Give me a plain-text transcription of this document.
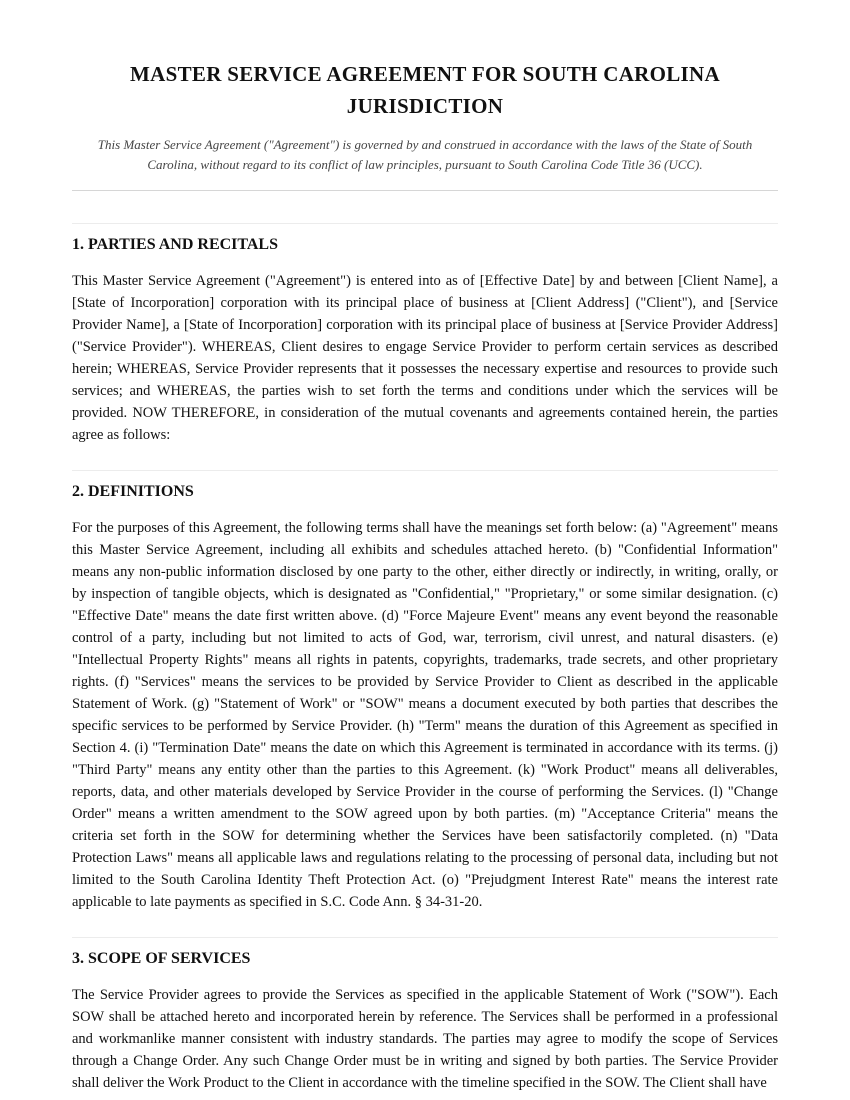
MASTER SERVICE AGREEMENT FOR SOUTH CAROLINA JURISDICTION

This Master Service Agreement ("Agreement") is governed by and construed in accordance with the laws of the State of South Carolina, without regard to its conflict of law principles, pursuant to South Carolina Code Title 36 (UCC).

1. PARTIES AND RECITALS

This Master Service Agreement ("Agreement") is entered into as of [Effective Date] by and between [Client Name], a [State of Incorporation] corporation with its principal place of business at [Client Address] ("Client"), and [Service Provider Name], a [State of Incorporation] corporation with its principal place of business at [Service Provider Address] ("Service Provider"). WHEREAS, Client desires to engage Service Provider to perform certain services as described herein; WHEREAS, Service Provider represents that it possesses the necessary expertise and resources to provide such services; and WHEREAS, the parties wish to set forth the terms and conditions under which the services will be provided. NOW THEREFORE, in consideration of the mutual covenants and agreements contained herein, the parties agree as follows:

2. DEFINITIONS

For the purposes of this Agreement, the following terms shall have the meanings set forth below: (a) "Agreement" means this Master Service Agreement, including all exhibits and schedules attached hereto. (b) "Confidential Information" means any non-public information disclosed by one party to the other, either directly or indirectly, in writing, orally, or by inspection of tangible objects, which is designated as "Confidential," "Proprietary," or some similar designation. (c) "Effective Date" means the date first written above. (d) "Force Majeure Event" means any event beyond the reasonable control of a party, including but not limited to acts of God, war, terrorism, civil unrest, and natural disasters. (e) "Intellectual Property Rights" means all rights in patents, copyrights, trademarks, trade secrets, and other proprietary rights. (f) "Services" means the services to be provided by Service Provider to Client as described in the applicable Statement of Work. (g) "Statement of Work" or "SOW" means a document executed by both parties that describes the specific services to be performed by Service Provider. (h) "Term" means the duration of this Agreement as specified in Section 4. (i) "Termination Date" means the date on which this Agreement is terminated in accordance with its terms. (j) "Third Party" means any entity other than the parties to this Agreement. (k) "Work Product" means all deliverables, reports, data, and other materials developed by Service Provider in the course of performing the Services. (l) "Change Order" means a written amendment to the SOW agreed upon by both parties. (m) "Acceptance Criteria" means the criteria set forth in the SOW for determining whether the Services have been satisfactorily completed. (n) "Data Protection Laws" means all applicable laws and regulations relating to the processing of personal data, including but not limited to the South Carolina Identity Theft Protection Act. (o) "Prejudgment Interest Rate" means the interest rate applicable to late payments as specified in S.C. Code Ann. § 34-31-20.

3. SCOPE OF SERVICES

The Service Provider agrees to provide the Services as specified in the applicable Statement of Work ("SOW"). Each SOW shall be attached hereto and incorporated herein by reference. The Services shall be performed in a professional and workmanlike manner consistent with industry standards. The parties may agree to modify the scope of Services through a Change Order. Any such Change Order must be in writing and signed by both parties. The Service Provider shall deliver the Work Product to the Client in accordance with the timeline specified in the SOW. The Client shall have
